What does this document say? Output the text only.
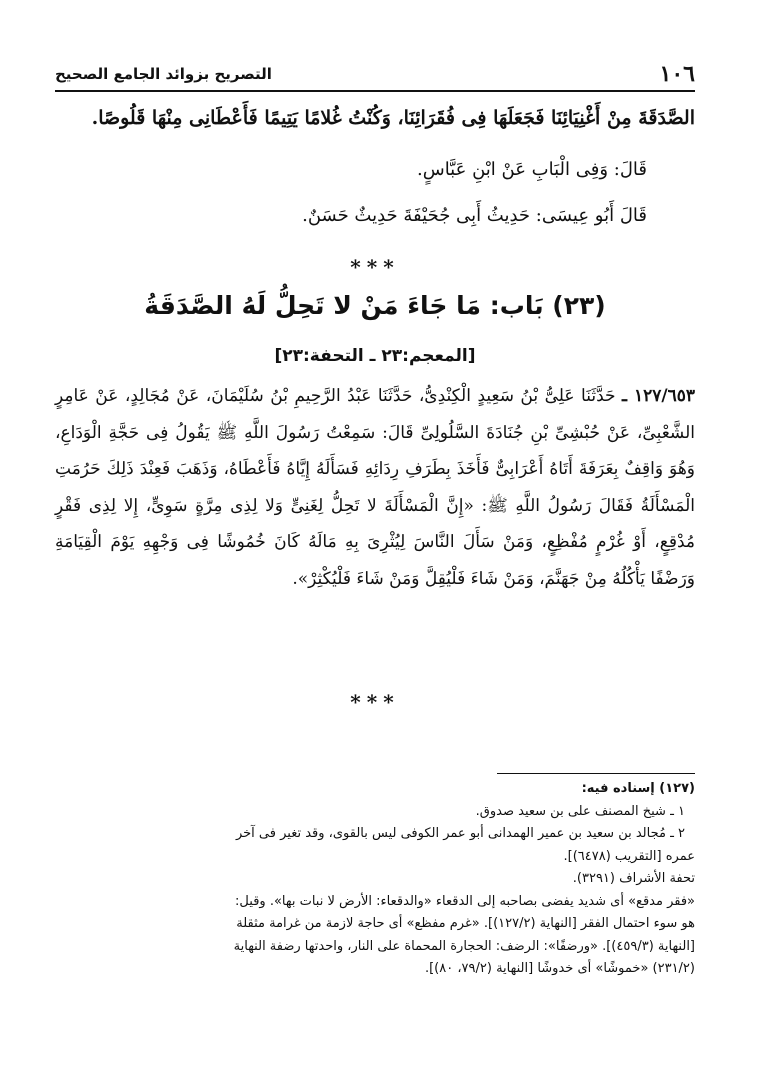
١٠٦
التصريح بزوائد الجامع الصحيح
الصَّدَقَةَ مِنْ أَغْنِيَائِنَا فَجَعَلَهَا فِى فُقَرَائِنَا، وَكُنْتُ غُلامًا يَتِيمًا فَأَعْطَانِى مِنْهَا قَلُوصًا.
قَالَ: وَفِى الْبَابِ عَنْ ابْنِ عَبَّاسٍ.
قَالَ أَبُو عِيسَى: حَدِيثُ أَبِى جُحَيْفَةَ حَدِيثٌ حَسَنٌ.
***
(٢٣) بَاب: مَا جَاءَ مَنْ لا تَحِلُّ لَهُ الصَّدَقَةُ
[المعجم:٢٣ ـ التحفة:٢٣]
١٢٧/٦٥٣ ـ حَدَّثَنَا عَلِىُّ بْنُ سَعِيدٍ الْكِنْدِىُّ، حَدَّثَنَا عَبْدُ الرَّحِيمِ بْنُ سُلَيْمَانَ، عَنْ مُجَالِدٍ، عَنْ عَامِرٍ الشَّعْبِىِّ، عَنْ حُبْشِىِّ بْنِ جُنَادَةَ السَّلُولِىِّ قَالَ: سَمِعْتُ رَسُولَ اللَّهِ ﷺ يَقُولُ فِى حَجَّةِ الْوَدَاعِ، وَهُوَ وَاقِفٌ بِعَرَفَةَ أَتَاهُ أَعْرَابِىٌّ فَأَخَذَ بِطَرَفِ رِدَائِهِ فَسَأَلَهُ إِيَّاهُ فَأَعْطَاهُ، وَذَهَبَ فَعِنْدَ ذَلِكَ حَرُمَتِ الْمَسْأَلَةُ فَقَالَ رَسُولُ اللَّهِ ﷺ: «إِنَّ الْمَسْأَلَةَ لا تَحِلُّ لِغَنِىٍّ وَلا لِذِى مِرَّةٍ سَوِىٍّ، إِلا لِذِى فَقْرٍ مُدْقِعٍ، أَوْ غُرْمٍ مُفْظِعٍ، وَمَنْ سَأَلَ النَّاسَ لِيُثْرِىَ بِهِ مَالَهُ كَانَ خُمُوشًا فِى وَجْهِهِ يَوْمَ الْقِيَامَةِ وَرَضْفًا يَأْكُلُهُ مِنْ جَهَنَّمَ، وَمَنْ شَاءَ فَلْيُقِلَّ وَمَنْ شَاءَ فَلْيُكْثِرْ».
***
(١٢٧) إسناده فيه:
١ ـ شيخ المصنف على بن سعيد صدوق.
٢ ـ مُجالد بن سعيد بن عمير الهمدانى أبو عمر الكوفى ليس بالقوى، وقد تغير فى آخر
عمره [التقريب (٦٤٧٨)].
تحفة الأشراف (٣٢٩١).
«فقر مدقع» أى شديد يفضى بصاحبه إلى الدقعاء «والدقعاء: الأرض لا نبات بها». وقيل:
هو سوء احتمال الفقر [النهاية (١٢٧/٢)]. «غرم مفظع» أى حاجة لازمة من غرامة مثقلة
[النهاية (٤٥٩/٣)]. «ورضفًا»: الرضف: الحجارة المحماة على النار، واحدتها رضفة النهاية
(٢٣١/٢) «خموشًا» أى خدوشًا [النهاية (٧٩/٢، ٨٠)].
